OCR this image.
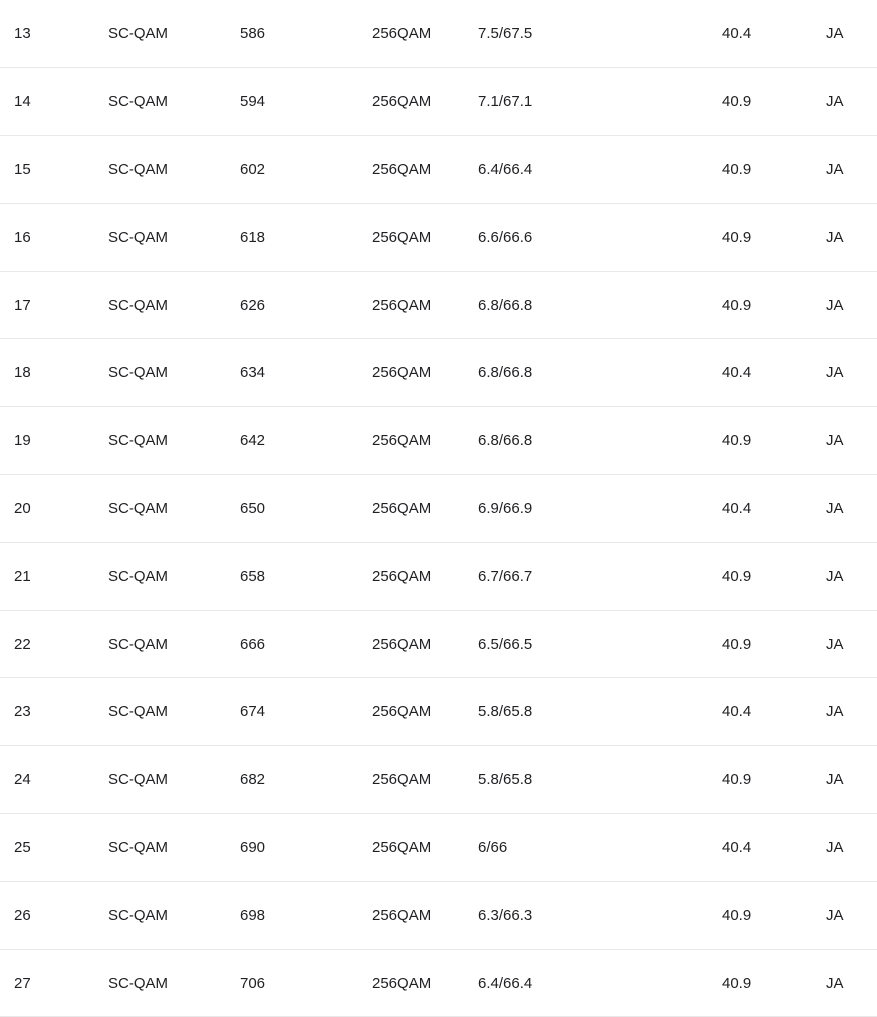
13	SC-QAM	586	256QAM	7.5/67.5	40.4	JA

14	SC-QAM	594	256QAM	7.1/67.1	40.9	JA

15	SC-QAM	602	256QAM	6.4/66.4	40.9	JA

16	SC-QAM	618	256QAM	6.6/66.6	40.9	JA

17	SC-QAM	626	256QAM	6.8/66.8	40.9	JA

18	SC-QAM	634	256QAM	6.8/66.8	40.4	JA

19	SC-QAM	642	256QAM	6.8/66.8	40.9	JA

20	SC-QAM	650	256QAM	6.9/66.9	40.4	JA

21	SC-QAM	658	256QAM	6.7/66.7	40.9	JA

22	SC-QAM	666	256QAM	6.5/66.5	40.9	JA

23	SC-QAM	674	256QAM	5.8/65.8	40.4	JA

24	SC-QAM	682	256QAM	5.8/65.8	40.9	JA

25	SC-QAM	690	256QAM	6/66	40.4	JA

26	SC-QAM	698	256QAM	6.3/66.3	40.9	JA

27	SC-QAM	706	256QAM	6.4/66.4	40.9	JA
